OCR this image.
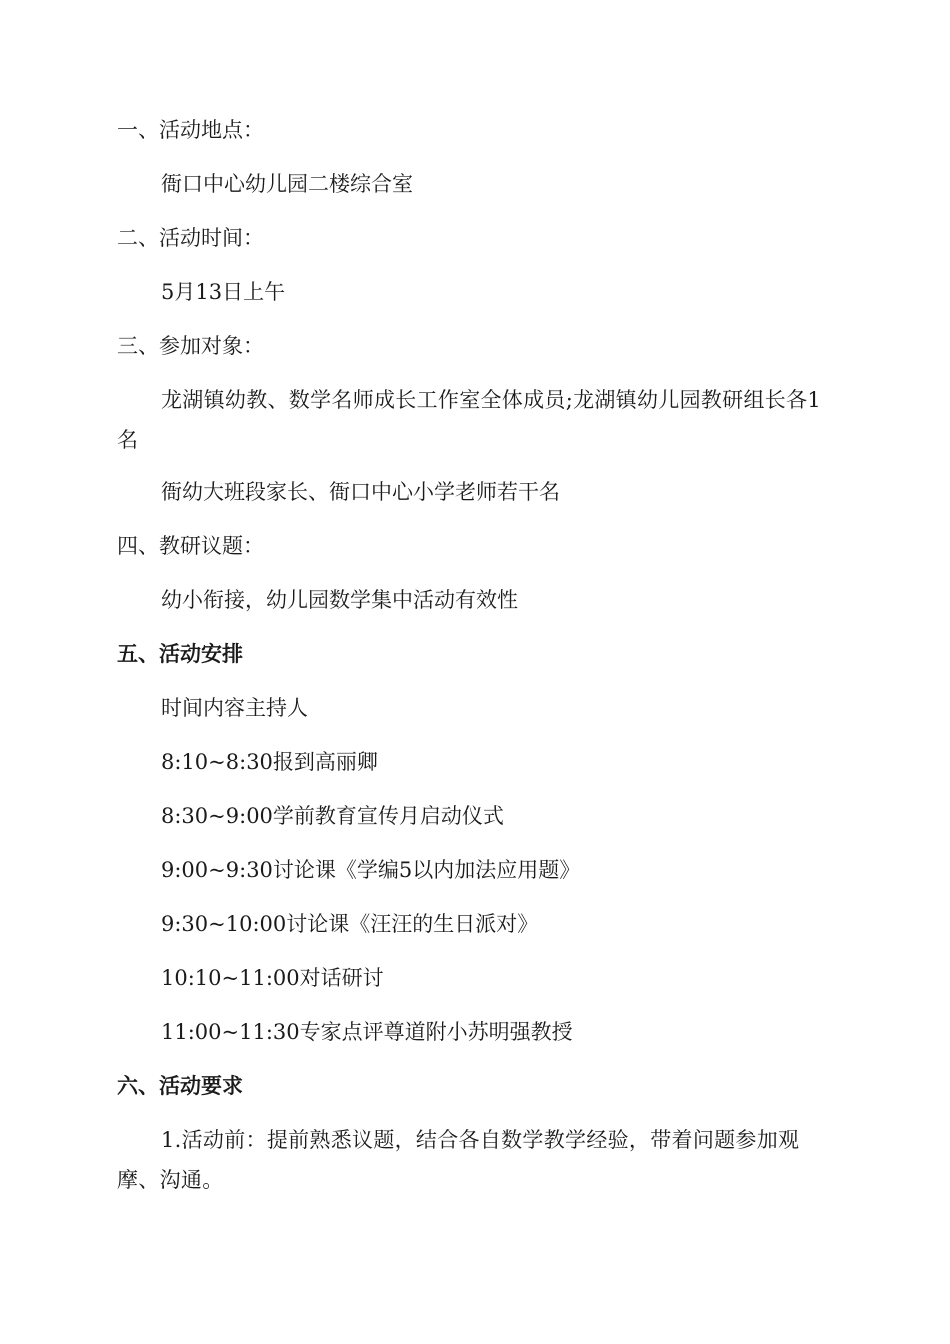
一、活动地点：
衙口中心幼儿园二楼综合室
二、活动时间：
5月13日上午
三、参加对象：
龙湖镇幼教、数学名师成长工作室全体成员;龙湖镇幼儿园教研组长各1名
衙幼大班段家长、衙口中心小学老师若干名
四、教研议题：
幼小衔接，幼儿园数学集中活动有效性
五、活动安排
时间内容主持人
8:10~8:30报到高丽卿
8:30~9:00学前教育宣传月启动仪式
9:00~9:30讨论课《学编5以内加法应用题》
9:30~10:00讨论课《汪汪的生日派对》
10:10~11:00对话研讨
11:00~11:30专家点评尊道附小苏明强教授
六、活动要求
1.活动前：提前熟悉议题，结合各自数学教学经验，带着问题参加观摩、沟通。
